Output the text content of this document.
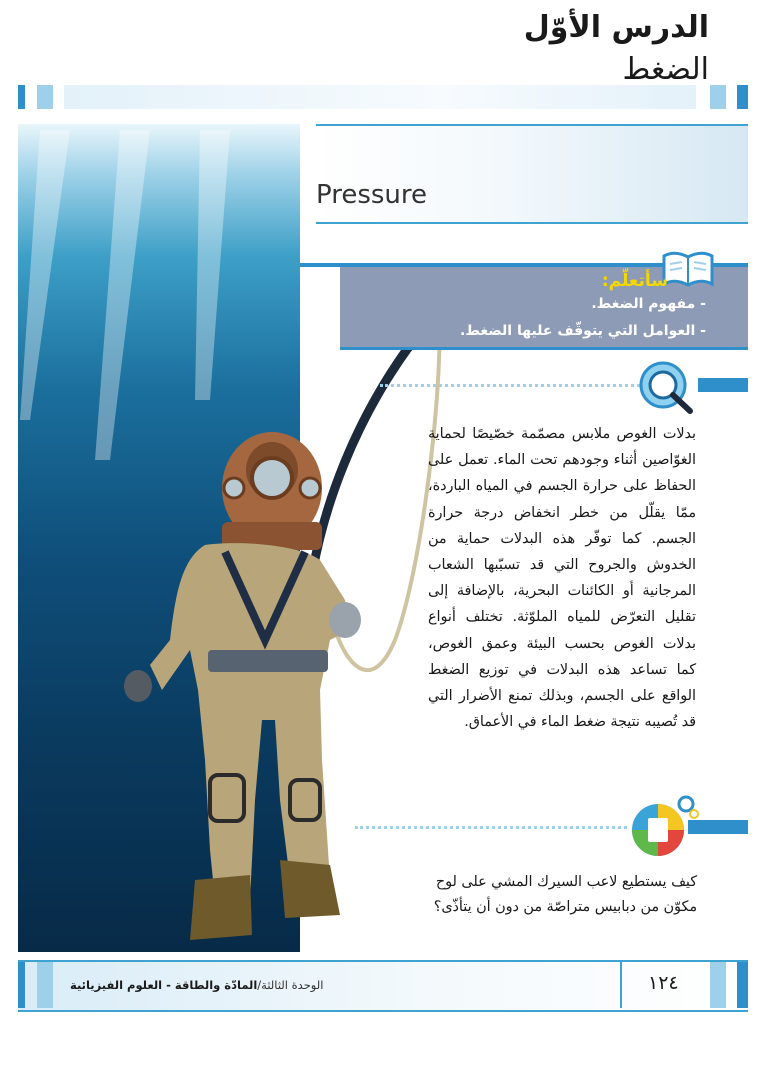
الدرس الأوّل
الضغط
Pressure
سأتعلّم:
- مفهوم الضغط.
- العوامل التي يتوقّف عليها الضغط.
بدلات الغوص ملابس مصمّمة خصّيصًا لحماية الغوّاصين أثناء وجودهم تحت الماء. تعمل على الحفاظ على حرارة الجسم في المياه الباردة، ممّا يقلّل من خطر انخفاض درجة حرارة الجسم. كما توفّر هذه البدلات حماية من الخدوش والجروح التي قد تسبّبها الشعاب المرجانية أو الكائنات البحرية، بالإضافة إلى تقليل التعرّض للمياه الملوّثة. تختلف أنواع بدلات الغوص بحسب البيئة وعمق الغوص، كما تساعد هذه البدلات في توزيع الضغط الواقع على الجسم، وبذلك تمنع الأضرار التي قد تُصيبه نتيجة ضغط الماء في الأعماق.
كيف يستطيع لاعب السيرك المشي على لوح مكوّن من دبابيس متراصّة من دون أن يتأذّى؟
الوحدة الثالثة/المادّة والطاقة - العلوم الفيزيائية	١٢٤
